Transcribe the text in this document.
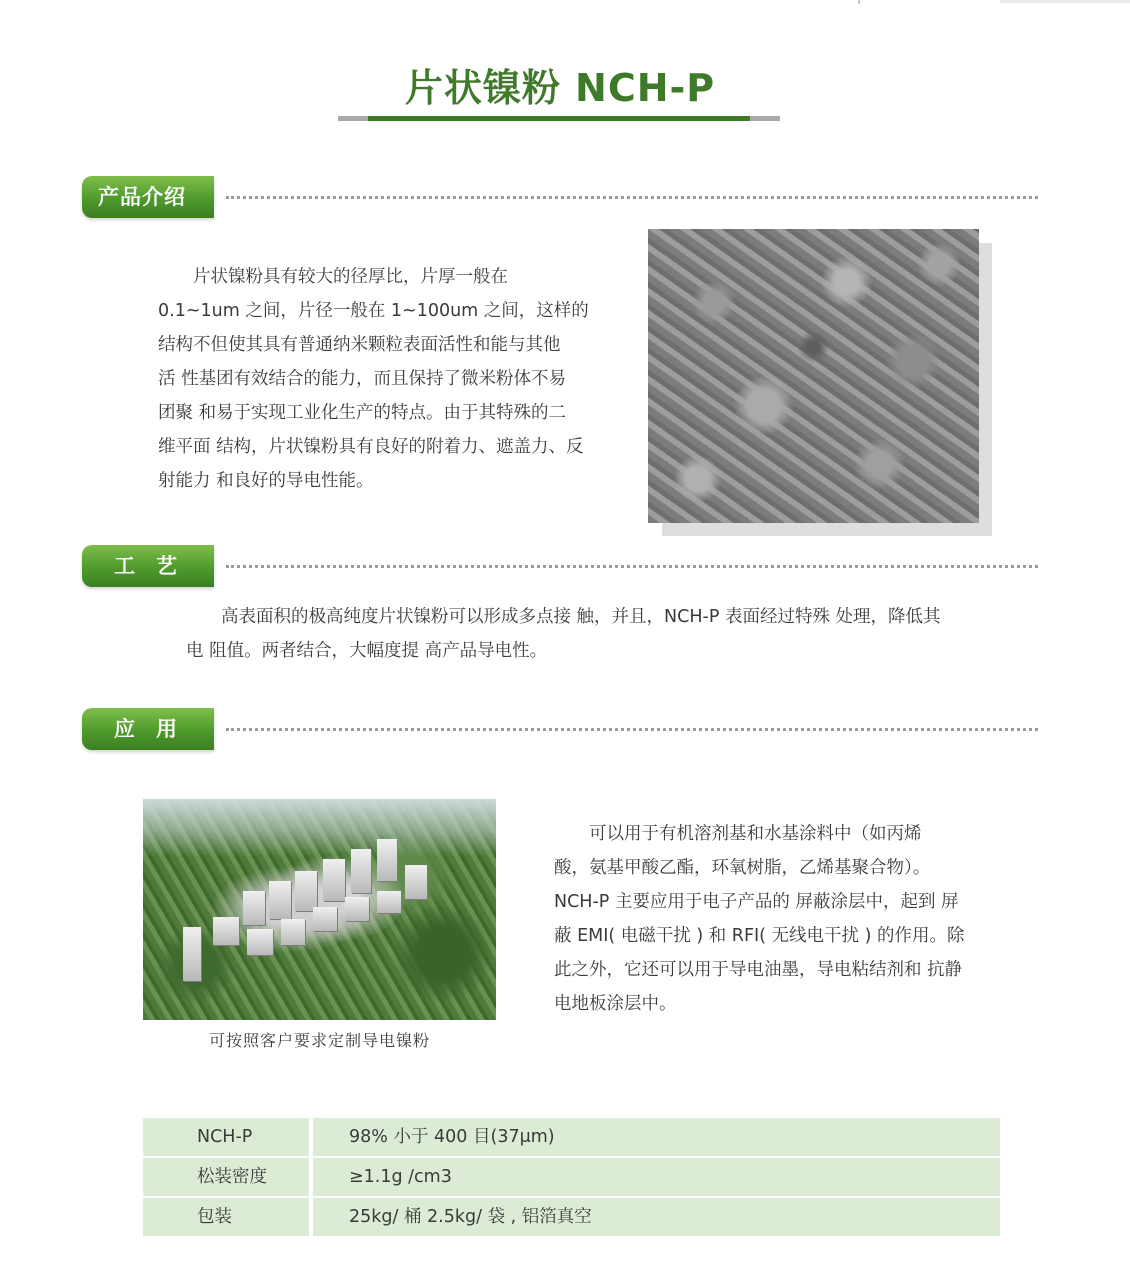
片状镍粉 NCH-P
产品介绍

　　片状镍粉具有较大的径厚比，片厚一般在

0.1~1um 之间，片径一般在 1~100um 之间，这样的

结构不但使其具有普通纳米颗粒表面活性和能与其他

活 性基团有效结合的能力，而且保持了微米粉体不易

团聚 和易于实现工业化生产的特点。由于其特殊的二

维平面 结构，片状镍粉具有良好的附着力、遮盖力、反

射能力 和良好的导电性能。

工　艺

　　高表面积的极高纯度片状镍粉可以形成多点接 触，并且，NCH-P 表面经过特殊 处理，降低其

电 阻值。两者结合，大幅度提 高产品导电性。

应　用
可按照客户要求定制导电镍粉

　　可以用于有机溶剂基和水基涂料中（如丙烯

酸，氨基甲酸乙酯，环氧树脂，乙烯基聚合物）。

NCH-P 主要应用于电子产品的 屏蔽涂层中，起到 屏

蔽 EMI( 电磁干扰 ) 和 RFI( 无线电干扰 ) 的作用。除

此之外，它还可以用于导电油墨，导电粘结剂和 抗静

电地板涂层中。

NCH-P	98% 小于 400 目(37μm)
松装密度	≥1.1g /cm3
包装	25kg/ 桶 2.5kg/ 袋 , 铝箔真空
